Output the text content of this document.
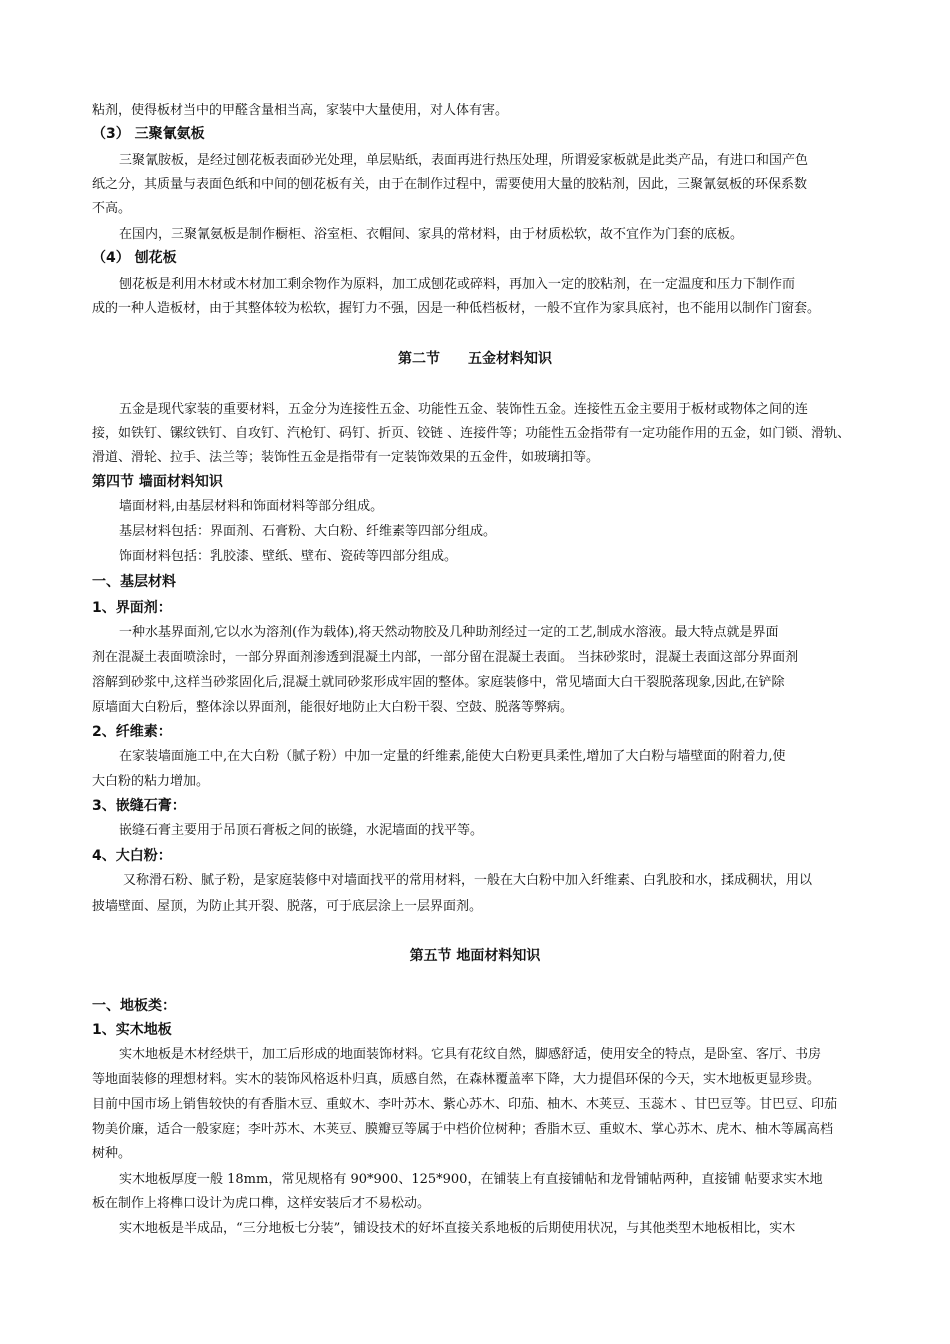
粘剂，使得板材当中的甲醛含量相当高，家装中大量使用，对人体有害。
（3） 三聚氰氨板
三聚氰胺板，是经过刨花板表面砂光处理，单层贴纸，表面再进行热压处理，所谓爱家板就是此类产品，有进口和国产色
纸之分，其质量与表面色纸和中间的刨花板有关，由于在制作过程中，需要使用大量的胶粘剂，因此，三聚氰氨板的环保系数
不高。
在国内，三聚氰氨板是制作橱柜、浴室柜、衣帽间、家具的常材料，由于材质松软，故不宜作为门套的底板。
（4） 刨花板
刨花板是利用木材或木材加工剩余物作为原料，加工成刨花或碎料，再加入一定的胶粘剂，在一定温度和压力下制作而
成的一种人造板材，由于其整体较为松软，握钉力不强，因是一种低档板材，一般不宜作为家具底衬，也不能用以制作门窗套。
第二节　　五金材料知识
五金是现代家装的重要材料，五金分为连接性五金、功能性五金、装饰性五金。连接性五金主要用于板材或物体之间的连
接，如铁钉、镙纹铁钉、自攻钉、汽枪钉、码钉、折页、铰链 、连接件等；功能性五金指带有一定功能作用的五金，如门锁、滑轨、
滑道、滑轮、拉手、法兰等；装饰性五金是指带有一定装饰效果的五金件，如玻璃扣等。
第四节 墙面材料知识
墙面材料,由基层材料和饰面材料等部分组成。
基层材料包括：界面剂、石膏粉、大白粉、纤维素等四部分组成。
饰面材料包括：乳胶漆、壁纸、壁布、瓷砖等四部分组成。
一、基层材料
1、界面剂：
一种水基界面剂,它以水为溶剂(作为载体),将天然动物胶及几种助剂经过一定的工艺,制成水溶液。最大特点就是界面
剂在混凝土表面喷涂时，一部分界面剂渗透到混凝土内部，一部分留在混凝土表面。 当抹砂浆时，混凝土表面这部分界面剂
溶解到砂浆中,这样当砂浆固化后,混凝土就同砂浆形成牢固的整体。家庭装修中，常见墙面大白干裂脱落现象,因此,在铲除
原墙面大白粉后，整体涂以界面剂，能很好地防止大白粉干裂、空鼓、脱落等弊病。
2、纤维素：
在家装墙面施工中,在大白粉（腻子粉）中加一定量的纤维素,能使大白粉更具柔性,增加了大白粉与墙壁面的附着力,使
大白粉的粘力增加。
3、嵌缝石膏：
嵌缝石膏主要用于吊顶石膏板之间的嵌缝，水泥墙面的找平等。
4、大白粉：
又称滑石粉、腻子粉，是家庭装修中对墙面找平的常用材料，一般在大白粉中加入纤维素、白乳胶和水，揉成稠状，用以
披墙壁面、屋顶，为防止其开裂、脱落，可于底层涂上一层界面剂。
第五节 地面材料知识
一、地板类：
1、实木地板
实木地板是木材经烘干，加工后形成的地面装饰材料。它具有花纹自然，脚感舒适，使用安全的特点，是卧室、客厅、书房
等地面装修的理想材料。实木的装饰风格返朴归真，质感自然，在森林覆盖率下降，大力提倡环保的今天，实木地板更显珍贵。
目前中国市场上销售较快的有香脂木豆、重蚁木、李叶苏木、紫心苏木、印茄、柚木、木荚豆、玉蕊木 、甘巴豆等。甘巴豆、印茄
物美价廉，适合一般家庭；李叶苏木、木荚豆、膜瓣豆等属于中档价位树种；香脂木豆、重蚁木、掌心苏木、虎木、柚木等属高档
树种。
实木地板厚度一般 18mm，常见规格有 90*900、125*900，在铺装上有直接铺帖和龙骨铺帖两种，直接铺 帖要求实木地
板在制作上将榫口设计为虎口榫，这样安装后才不易松动。
实木地板是半成品，“三分地板七分装”，铺设技术的好坏直接关系地板的后期使用状况，与其他类型木地板相比，实木
